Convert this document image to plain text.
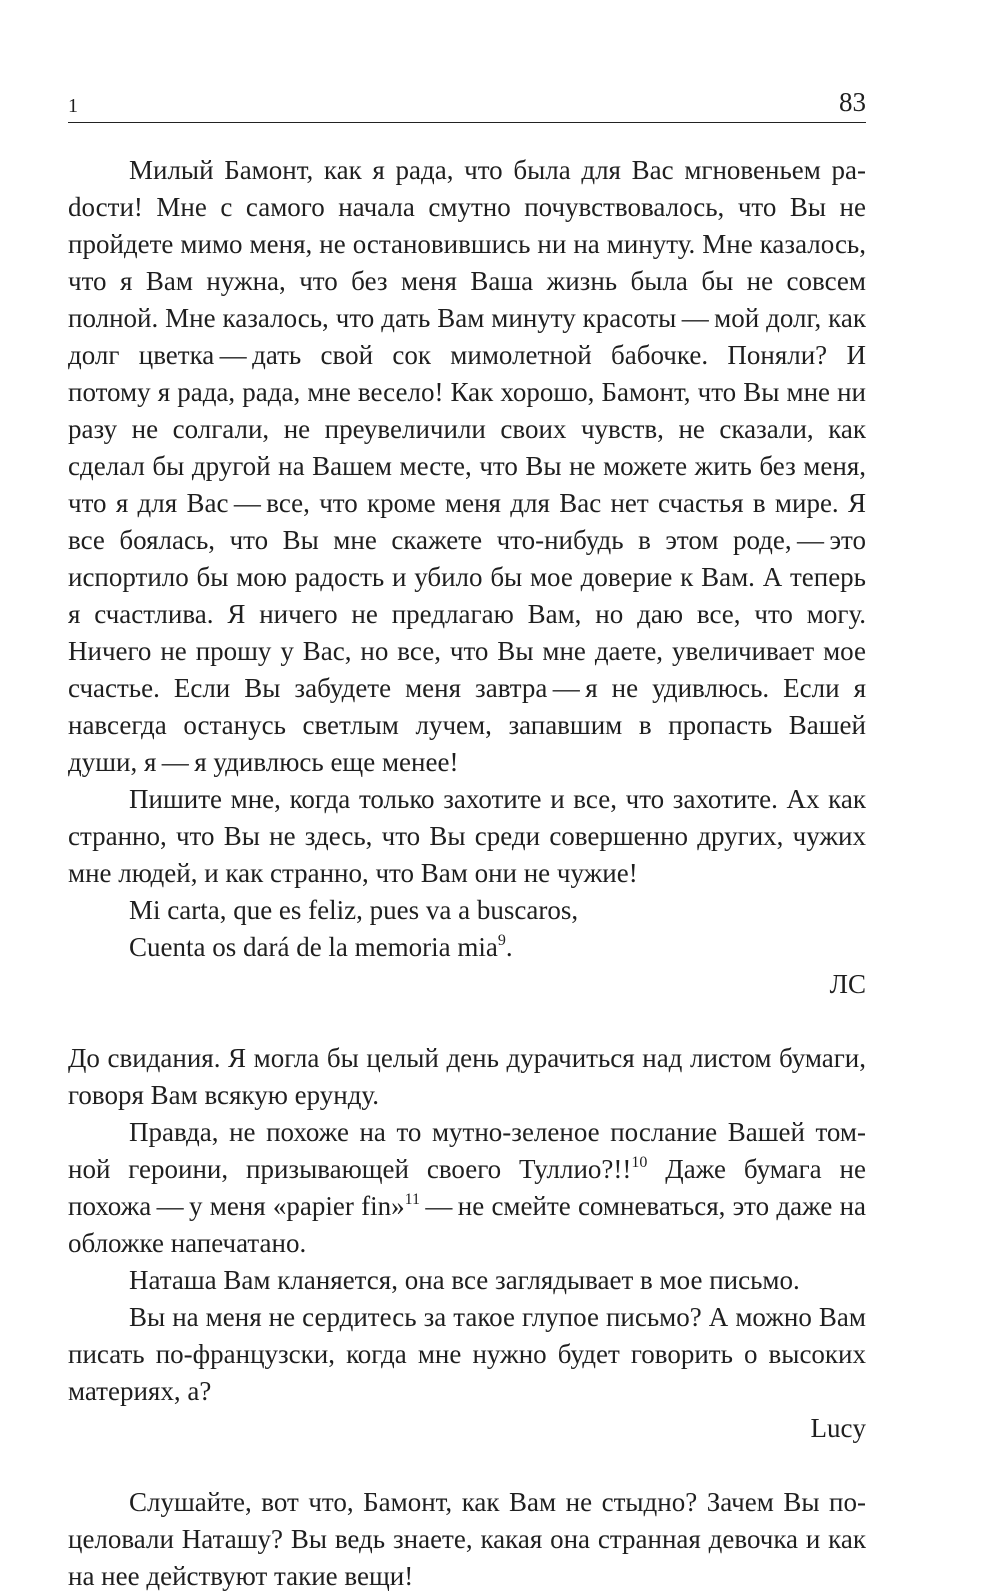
1	83

Милый Бамонт, как я рада, что была для Вас мгновеньем раdости! Мне с самого начала смутно почувствовалось, что Вы не пройдете мимо меня, не остановившись ни на минуту. Мне казалось, что я Вам нужна, что без меня Ваша жизнь была бы не совсем полной. Мне казалось, что дать Вам минуту красоты — мой долг, как долг цветка — дать свой сок мимолетной бабочке. Поняли? И потому я рада, рада, мне весело! Как хорошо, Бамонт, что Вы мне ни разу не солгали, не преувеличили своих чувств, не сказали, как сделал бы другой на Вашем месте, что Вы не можете жить без меня, что я для Вас — все, что кроме меня для Вас нет счастья в мире. Я все боялась, что Вы мне скажете что-нибудь в этом роде, — это испортило бы мою радость и убило бы мое доверие к Вам. А теперь я счастлива. Я ничего не предлагаю Вам, но даю все, что могу. Ничего не прошу у Вас, но все, что Вы мне даете, увеличивает мое счастье. Если Вы забудете меня завтра — я не удивлюсь. Если я навсегда останусь светлым лучем, запавшим в пропасть Вашей души, я — я удивлюсь еще менее!

Пишите мне, когда только захотите и все, что захотите. Ах как странно, что Вы не здесь, что Вы среди совершенно других, чужих мне людей, и как странно, что Вам они не чужие!

Mi carta, que es feliz, pues va a buscaros,

Cuenta os dará de la memoria mia$^9$.

ЛС

До свидания. Я могла бы целый день дурачиться над листом бумаги, говоря Вам всякую ерунду.

Правда, не похоже на то мутно-зеленое послание Вашей томной героини, призывающей своего Туллио?!!$^{10}$ Даже бумага не похожа — у меня «papier fin»$^{11}$ — не смейте сомневаться, это даже на обложке напечатано.

Наташа Вам кланяется, она все заглядывает в мое письмо.

Вы на меня не сердитесь за такое глупое письмо? А можно Вам писать по-французски, когда мне нужно будет говорить о высоких материях, а?

Lucy

Слушайте, вот что, Бамонт, как Вам не стыдно? Зачем Вы поцеловали Наташу? Вы ведь знаете, какая она странная девочка и как на нее действуют такие вещи!
